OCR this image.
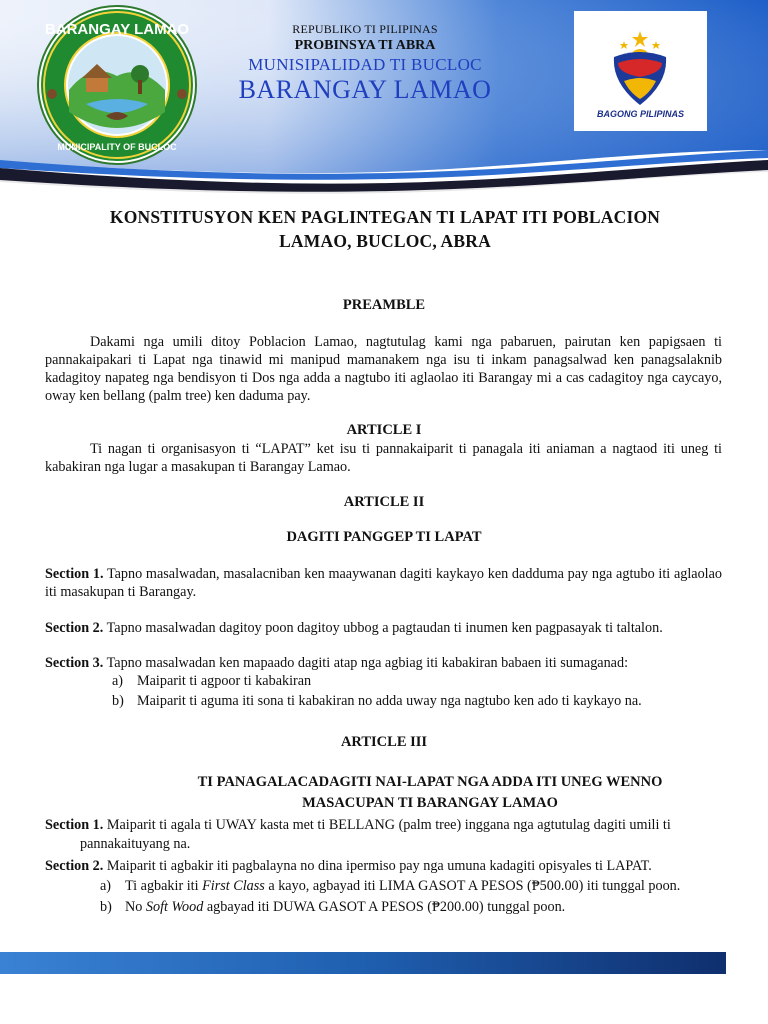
BARANGAY LAMAO
MUNICIPALITY OF BUCLOC
REPUBLIKO TI PILIPINAS
PROBINSYA TI ABRA
MUNISIPALIDAD TI BUCLOC
BARANGAY LAMAO
BAGONG PILIPINAS
KONSTITUSYON KEN PAGLINTEGAN TI LAPAT ITI POBLACION
LAMAO, BUCLOC, ABRA
PREAMBLE
Dakami nga umili ditoy Poblacion Lamao, nagtutulag kami nga pabaruen, pairutan ken papigsaen ti pannakaipakari ti Lapat nga tinawid mi manipud mamanakem nga isu ti inkam panagsalwad ken panagsalaknib kadagitoy napateg nga bendisyon ti Dos nga adda a nagtubo iti aglaolao iti Barangay mi a cas cadagitoy nga caycayo, oway ken bellang (palm tree) ken daduma pay.
ARTICLE I
Ti nagan ti organisasyon ti “LAPAT” ket isu ti pannakaiparit ti panagala iti aniaman a nagtaod iti uneg ti kabakiran nga lugar a masakupan ti Barangay Lamao.
ARTICLE II
DAGITI PANGGEP TI LAPAT
Section 1. Tapno masalwadan, masalacniban ken maaywanan dagiti kaykayo ken dadduma pay nga agtubo iti aglaolao iti masakupan ti Barangay.
Section 2. Tapno masalwadan dagitoy poon dagitoy ubbog a pagtaudan ti inumen ken pagpasayak ti taltalon.
Section 3. Tapno masalwadan ken mapaado dagiti atap nga agbiag iti kabakiran babaen iti sumaganad:
a) Maiparit ti agpoor ti kabakiran
b) Maiparit ti aguma iti sona ti kabakiran no adda uway nga nagtubo ken ado ti kaykayo na.
ARTICLE III
TI PANAGALACADAGITI NAI-LAPAT NGA ADDA ITI UNEG WENNO
MASACUPAN TI BARANGAY LAMAO
Section 1. Maiparit ti agala ti UWAY kasta met ti BELLANG (palm tree) inggana nga agtutulag dagiti umili ti
pannakaituyang na.
Section 2. Maiparit ti agbakir iti pagbalayna no dina ipermiso pay nga umuna kadagiti opisyales ti LAPAT.
a) Ti agbakir iti First Class a kayo, agbayad iti LIMA GASOT A PESOS (₱500.00) iti tunggal poon.
b) No Soft Wood agbayad iti DUWA GASOT A PESOS (₱200.00) tunggal poon.
